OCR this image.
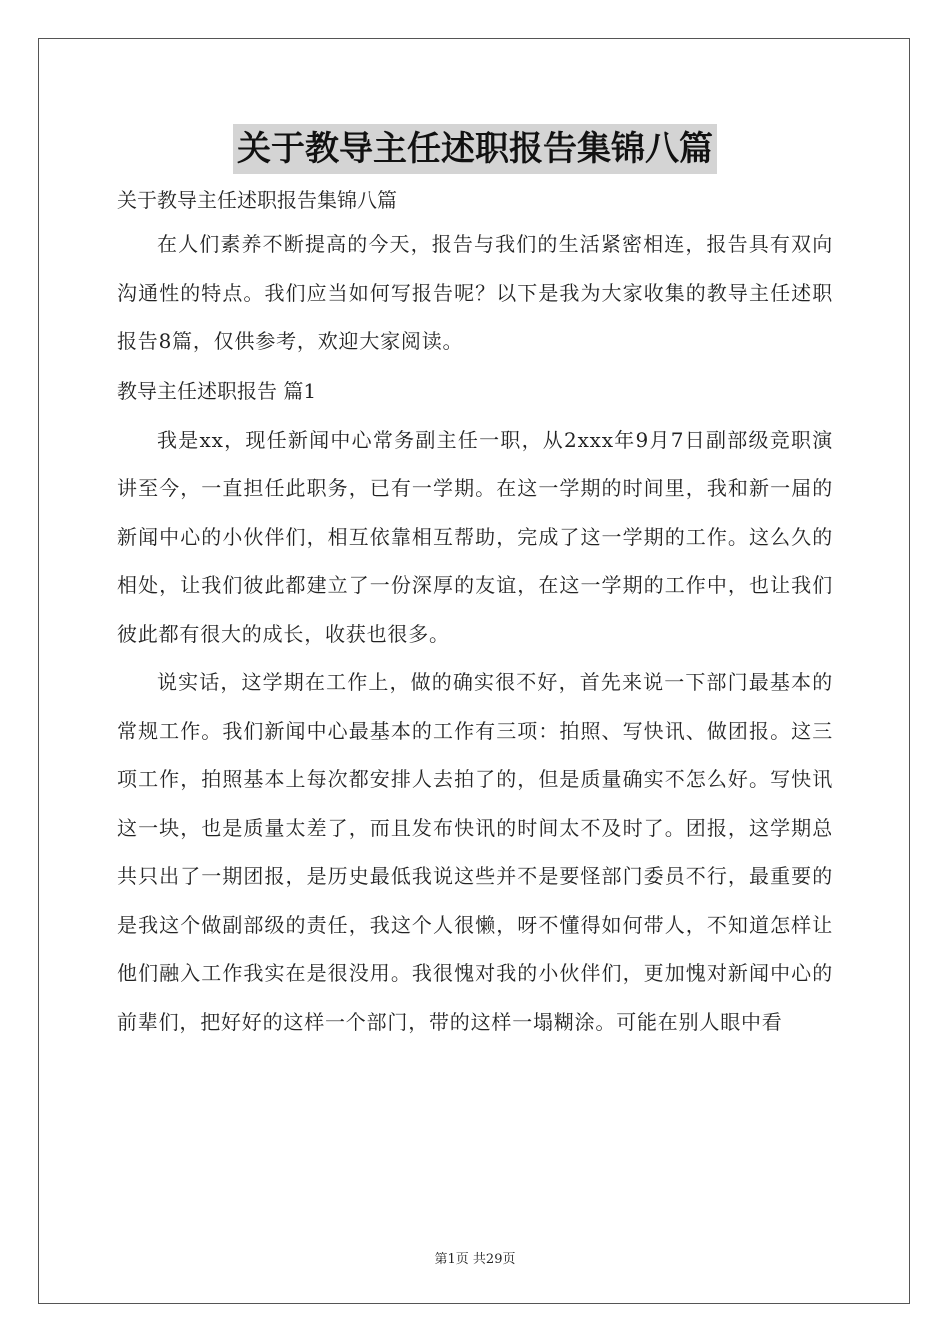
关于教导主任述职报告集锦八篇

关于教导主任述职报告集锦八篇

在人们素养不断提高的今天，报告与我们的生活紧密相连，报告具有双向沟通性的特点。我们应当如何写报告呢？以下是我为大家收集的教导主任述职报告8篇，仅供参考，欢迎大家阅读。

教导主任述职报告 篇1

我是xx，现任新闻中心常务副主任一职，从2xxx年9月7日副部级竞职演讲至今，一直担任此职务，已有一学期。在这一学期的时间里，我和新一届的新闻中心的小伙伴们，相互依靠相互帮助，完成了这一学期的工作。这么久的相处，让我们彼此都建立了一份深厚的友谊，在这一学期的工作中，也让我们彼此都有很大的成长，收获也很多。

说实话，这学期在工作上，做的确实很不好，首先来说一下部门最基本的常规工作。我们新闻中心最基本的工作有三项：拍照、写快讯、做团报。这三项工作，拍照基本上每次都安排人去拍了的，但是质量确实不怎么好。写快讯这一块，也是质量太差了，而且发布快讯的时间太不及时了。团报，这学期总共只出了一期团报，是历史最低我说这些并不是要怪部门委员不行，最重要的是我这个做副部级的责任，我这个人很懒，呀不懂得如何带人，不知道怎样让他们融入工作我实在是很没用。我很愧对我的小伙伴们，更加愧对新闻中心的前辈们，把好好的这样一个部门，带的这样一塌糊涂。可能在别人眼中看

第1页 共29页
